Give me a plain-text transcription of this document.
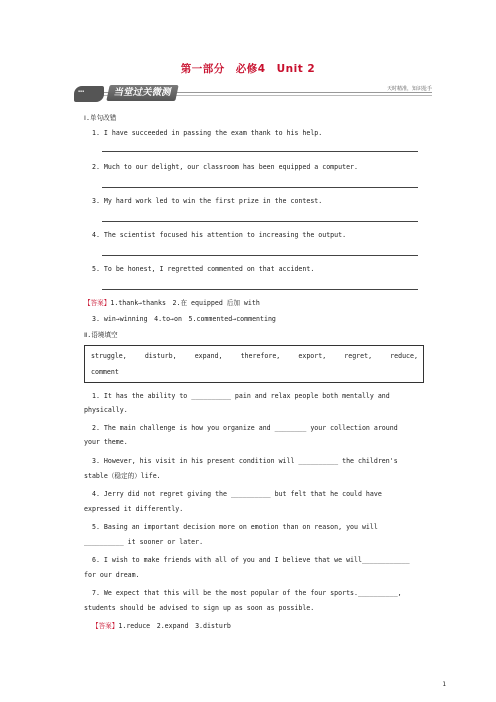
第一部分　必修4　Unit 2
▪▪▪	当堂过关微测	天时精准，知识抢手
Ⅰ.单句改错
1. I have succeeded in passing the exam thank to his help.
2. Much to our delight, our classroom has been equipped a computer.
3. My hard work led to win the first prize in the contest.
4. The scientist focused his attention to increasing the output.
5. To be honest, I regretted commented on that accident.
【答案】1.thank→thanks　2.在 equipped 后加 with
3. win→winning　4.to→on　5.commented→commenting
Ⅱ.语境填空
struggle,	disturb,	expand,	therefore,	export,	regret,	reduce,
comment
1. It has the ability to __________ pain and relax people both mentally and
physically.
2. The main challenge is how you organize and ________ your collection around
your theme.
3. However, his visit in his present condition will __________ the children's
stable（稳定的）life.
4. Jerry did not regret giving the __________ but felt that he could have
expressed it differently.
5. Basing an important decision more on emotion than on reason, you will
__________ it sooner or later.
6. I wish to make friends with all of you and I believe that we will____________
for our dream.
7. We expect that this will be the most popular of the four sports.__________,
students should be advised to sign up as soon as possible.
【答案】1.reduce　2.expand　3.disturb
1
